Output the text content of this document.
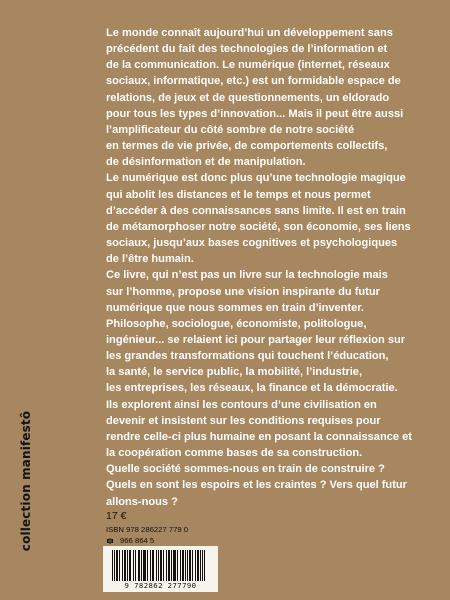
collection manifestô

Le monde connaît aujourd’hui un développement sans
précédent du fait des technologies de l’information et
de la communication. Le numérique (internet, réseaux
sociaux, informatique, etc.) est un formidable espace de
relations, de jeux et de questionnements, un eldorado
pour tous les types d’innovation... Mais il peut être aussi
l’amplificateur du côté sombre de notre société
en termes de vie privée, de comportements collectifs,
de désinformation et de manipulation.

Le numérique est donc plus qu’une technologie magique
qui abolit les distances et le temps et nous permet
d’accéder à des connaissances sans limite. Il est en train
de métamorphoser notre société, son économie, ses liens
sociaux, jusqu’aux bases cognitives et psychologiques
de l’être humain.

Ce livre, qui n’est pas un livre sur la technologie mais
sur l’homme, propose une vision inspirante du futur
numérique que nous sommes en train d’inventer.
Philosophe, sociologue, économiste, politologue,
ingénieur... se relaient ici pour partager leur réflexion sur
les grandes transformations qui touchent l’éducation,
la santé, le service public, la mobilité, l’industrie,
les entreprises, les réseaux, la finance et la démocratie.
Ils explorent ainsi les contours d’une civilisation en
devenir et insistent sur les conditions requises pour
rendre celle-ci plus humaine en posant la connaissance et
la coopération comme bases de sa construction.

Quelle société sommes-nous en train de construire ?
Quels en sont les espoirs et les craintes ? Vers quel futur
allons-nous ?

17 €
ISBN 978 286227 779 0
966 864 5
9 782862 277790
